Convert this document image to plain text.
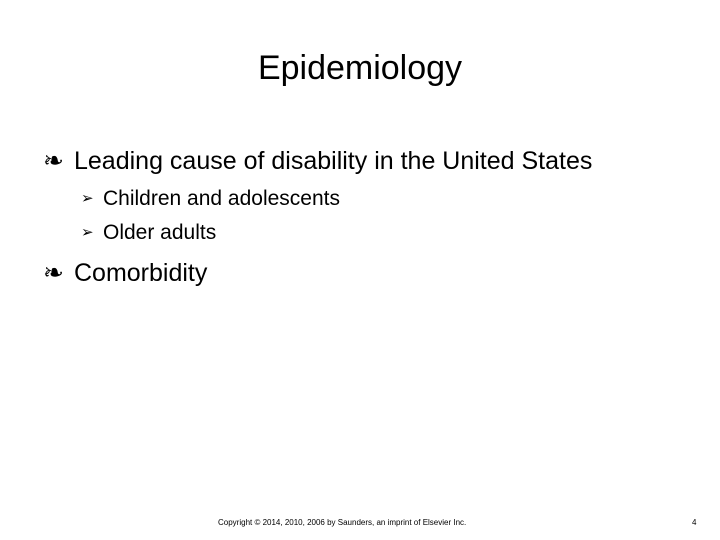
Epidemiology
❧ Leading cause of disability in the United States
➢ Children and adolescents
➢ Older adults
❧ Comorbidity
Copyright © 2014, 2010, 2006 by Saunders, an imprint of Elsevier Inc.	4
